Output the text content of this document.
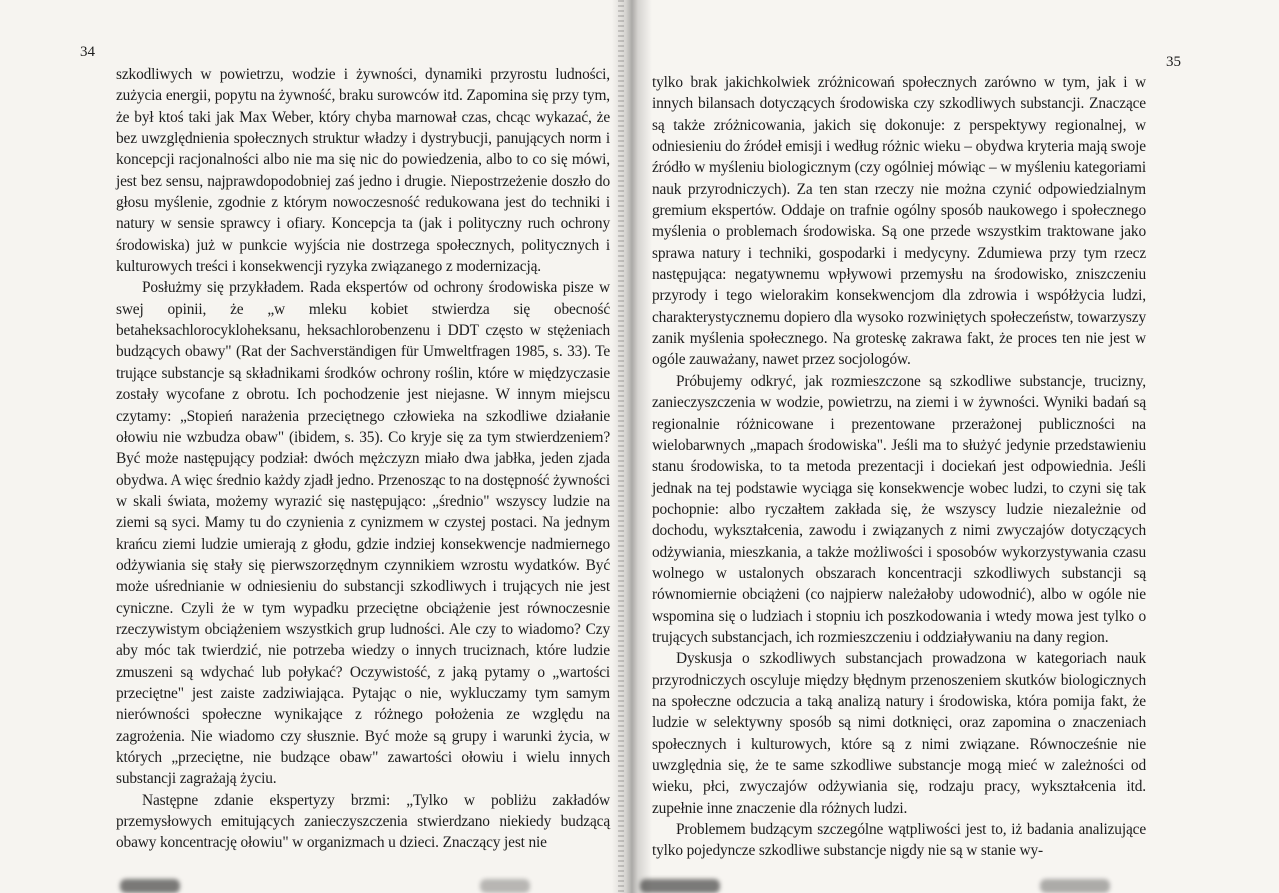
34

szkodliwych w powietrzu, wodzie i żywności, dynamiki przyrostu ludności, zużycia energii, popytu na żywność, braku surowców itd. Zapomina się przy tym, że był ktoś taki jak Max Weber, który chyba marnował czas, chcąc wykazać, że bez uwzględnienia społecznych struktur władzy i dystrybucji, panujących norm i koncepcji racjonalności albo nie ma się nic do powiedzenia, albo to co się mówi, jest bez sensu, najprawdopodobniej zaś jedno i drugie. Niepostrzeżenie doszło do głosu myślenie, zgodnie z którym nowoczesność redukowana jest do techniki i natury w sensie sprawcy i ofiary. Koncepcja ta (jak i polityczny ruch ochrony środowiska) już w punkcie wyjścia nie dostrzega społecznych, politycznych i kulturowych treści i konsekwencji ryzyka związanego z modernizacją.

Posłużmy się przykładem. Rada ekspertów od ochrony środowiska pisze w swej opinii, że „w mleku kobiet stwierdza się obecność betaheksachlorocykloheksanu, heksachlorobenzenu i DDT często w stężeniach budzących obawy" (Rat der Sachverständigen für Umweltfragen 1985, s. 33). Te trujące substancje są składnikami środków ochrony roślin, które w międzyczasie zostały wycofane z obrotu. Ich pochodzenie jest niejasne. W innym miejscu czytamy: „Stopień narażenia przeciętnego człowieka na szkodliwe działanie ołowiu nie wzbudza obaw" (ibidem, s. 35). Co kryje się za tym stwierdzeniem? Być może następujący podział: dwóch mężczyzn miało dwa jabłka, jeden zjada obydwa. A więc średnio każdy zjadł jedno. Przenosząc to na dostępność żywności w skali świata, możemy wyrazić się następująco: „średnio" wszyscy ludzie na ziemi są syci. Mamy tu do czynienia z cynizmem w czystej postaci. Na jednym krańcu ziemi ludzie umierają z głodu, gdzie indziej konsekwencje nadmiernego odżywiania się stały się pierwszorzędnym czynnikiem wzrostu wydatków. Być może uśrednianie w odniesieniu do substancji szkodliwych i trujących nie jest cyniczne. Czyli że w tym wypadku przeciętne obciążenie jest równoczesnie rzeczywistym obciążeniem wszystkich grup ludności. Ale czy to wiadomo? Czy aby móc tak twierdzić, nie potrzeba wiedzy o innych truciznach, które ludzie zmuszeni są wdychać lub połykać? Oczywistość, z jaką pytamy o „wartości przeciętne" jest zaiste zadziwiająca. Pytając o nie, wykluczamy tym samym nierówności społeczne wynikające z różnego położenia ze względu na zagrożenia. Nie wiadomo czy słusznie. Być może są grupy i warunki życia, w których „przeciętne, nie budzące obaw" zawartości ołowiu i wielu innych substancji zagrażają życiu.

Następne zdanie ekspertyzy brzmi: „Tylko w pobliżu zakładów przemysłowych emitujących zanieczyszczenia stwierdzano niekiedy budzącą obawy koncentrację ołowiu" w organizmach u dzieci. Znaczący jest nie

35

tylko brak jakichkolwiek zróżnicowań społecznych zarówno w tym, jak i w innych bilansach dotyczących środowiska czy szkodliwych substancji. Znaczące są także zróżnicowania, jakich się dokonuje: z perspektywy regionalnej, w odniesieniu do źródeł emisji i według różnic wieku – obydwa kryteria mają swoje źródło w myśleniu biologicznym (czy ogólniej mówiąc – w myśleniu kategoriami nauk przyrodniczych). Za ten stan rzeczy nie można czynić odpowiedzialnym gremium ekspertów. Oddaje on trafnie ogólny sposób naukowego i społecznego myślenia o problemach środowiska. Są one przede wszystkim traktowane jako sprawa natury i techniki, gospodarki i medycyny. Zdumiewa przy tym rzecz następująca: negatywnemu wpływowi przemysłu na środowisko, zniszczeniu przyrody i tego wielorakim konsekwencjom dla zdrowia i współżycia ludzi, charakterystycznemu dopiero dla wysoko rozwiniętych społeczeństw, towarzyszy zanik myślenia społecznego. Na groteskę zakrawa fakt, że proces ten nie jest w ogóle zauważany, nawet przez socjologów.

Próbujemy odkryć, jak rozmieszczone są szkodliwe substancje, trucizny, zanieczyszczenia w wodzie, powietrzu, na ziemi i w żywności. Wyniki badań są regionalnie różnicowane i prezentowane przerażonej publiczności na wielobarwnych „mapach środowiska". Jeśli ma to służyć jedynie przedstawieniu stanu środowiska, to ta metoda prezentacji i dociekań jest odpowiednia. Jeśli jednak na tej podstawie wyciąga się konsekwencje wobec ludzi, to czyni się tak pochopnie: albo ryczałtem zakłada się, że wszyscy ludzie niezależnie od dochodu, wykształcenia, zawodu i związanych z nimi zwyczajów dotyczących odżywiania, mieszkania, a także możliwości i sposobów wykorzystywania czasu wolnego w ustalonych obszarach koncentracji szkodliwych substancji są równomiernie obciążeni (co najpierw należałoby udowodnić), albo w ogóle nie wspomina się o ludziach i stopniu ich poszkodowania i wtedy mowa jest tylko o trujących substancjach, ich rozmieszczeniu i oddziaływaniu na dany region.

Dyskusja o szkodliwych substancjach prowadzona w kategoriach nauk przyrodniczych oscyluje między błędnym przenoszeniem skutków biologicznych na społeczne odczucia a taką analizą natury i środowiska, która pomija fakt, że ludzie w selektywny sposób są nimi dotknięci, oraz zapomina o znaczeniach społecznych i kulturowych, które są z nimi związane. Równocześnie nie uwzględnia się, że te same szkodliwe substancje mogą mieć w zależności od wieku, płci, zwyczajów odżywiania się, rodzaju pracy, wykształcenia itd. zupełnie inne znaczenie dla różnych ludzi.

Problemem budzącym szczególne wątpliwości jest to, iż badania analizujące tylko pojedyncze szkodliwe substancje nigdy nie są w stanie wy-
